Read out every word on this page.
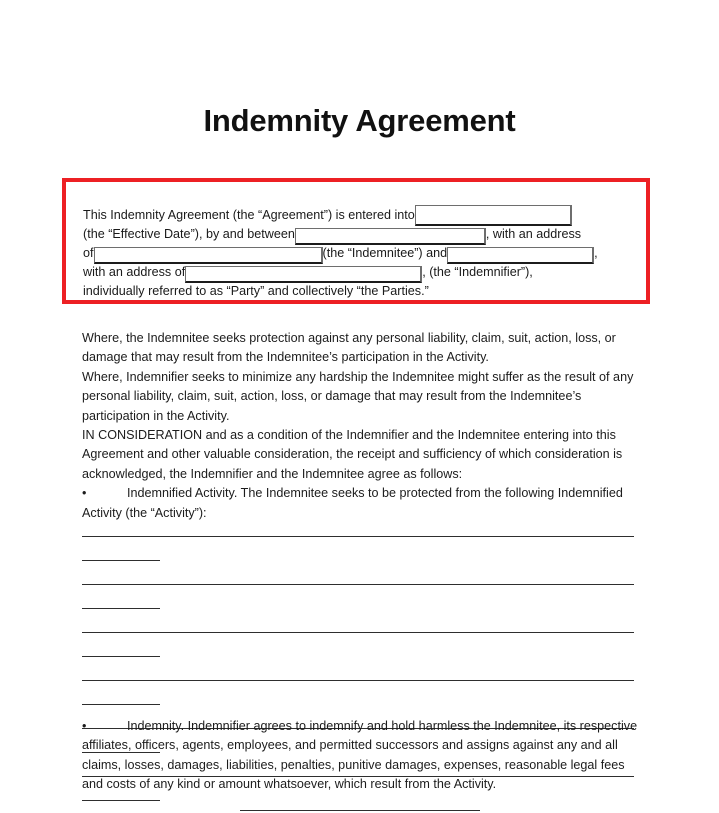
Indemnity Agreement
This Indemnity Agreement (the “Agreement”) is entered into
(the “Effective Date”), by and between	, with an address
of	(the “Indemnitee”) and	,
with an address of	, (the “Indemnifier”),
individually referred to as “Party” and collectively “the Parties.”

Where, the Indemnitee seeks protection against any personal liability, claim, suit, action, loss, or damage that may result from the Indemnitee’s participation in the Activity.

Where, Indemnifier seeks to minimize any hardship the Indemnitee might suffer as the result of any personal liability, claim, suit, action, loss, or damage that may result from the Indemnitee’s participation in the Activity.

IN CONSIDERATION and as a condition of the Indemnifier and the Indemnitee entering into this Agreement and other valuable consideration, the receipt and sufficiency of which consideration is acknowledged, the Indemnifier and the Indemnitee agree as follows:

•	Indemnified Activity. The Indemnitee seeks to be protected from the following Indemnified Activity (the “Activity”):

•	Indemnity. Indemnifier agrees to indemnify and hold harmless the Indemnitee, its respective affiliates, officers, agents, employees, and permitted successors and assigns against any and all claims, losses, damages, liabilities, penalties, punitive damages, expenses, reasonable legal fees and costs of any kind or amount whatsoever, which result from the Activity.
